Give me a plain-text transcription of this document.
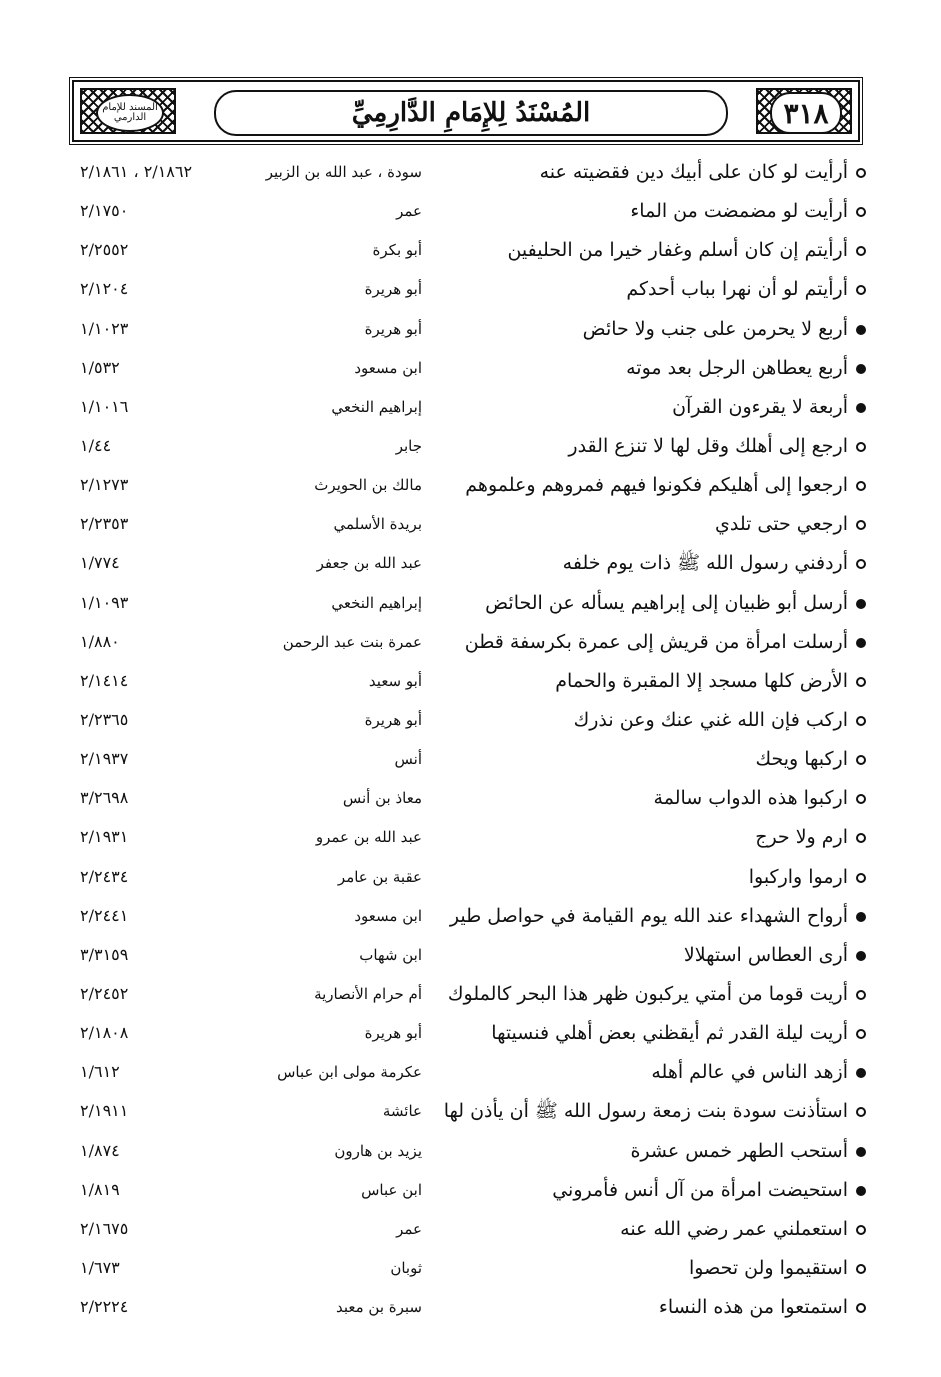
المسند للإمام الدارمي	المُسْنَدُ لِلإِمَامِ الدَّارِمِيِّ	٣١٨
أرأيت لو كان على أبيك دين فقضيته عنه
سودة ، عبد الله بن الزبير
٢/١٨٦٢ ، ٢/١٨٦١
أرأيت لو مضمضت من الماء
عمر
٢/١٧٥٠
أرأيتم إن كان أسلم وغفار خيرا من الحليفين
أبو بكرة
٢/٢٥٥٢
أرأيتم لو أن نهرا بباب أحدكم
أبو هريرة
٢/١٢٠٤
أربع لا يحرمن على جنب ولا حائض
أبو هريرة
١/١٠٢٣
أربع يعطاهن الرجل بعد موته
ابن مسعود
١/٥٣٢
أربعة لا يقرءون القرآن
إبراهيم النخعي
١/١٠١٦
ارجع إلى أهلك وقل لها لا تنزع القدر
جابر
١/٤٤
ارجعوا إلى أهليكم فكونوا فيهم فمروهم وعلموهم
مالك بن الحويرث
٢/١٢٧٣
ارجعي حتى تلدي
بريدة الأسلمي
٢/٢٣٥٣
أردفني رسول الله ﷺ ذات يوم خلفه
عبد الله بن جعفر
١/٧٧٤
أرسل أبو ظبيان إلى إبراهيم يسأله عن الحائض
إبراهيم النخعي
١/١٠٩٣
أرسلت امرأة من قريش إلى عمرة بكرسفة قطن
عمرة بنت عبد الرحمن
١/٨٨٠
الأرض كلها مسجد إلا المقبرة والحمام
أبو سعيد
٢/١٤١٤
اركب فإن الله غني عنك وعن نذرك
أبو هريرة
٢/٢٣٦٥
اركبها ويحك
أنس
٢/١٩٣٧
اركبوا هذه الدواب سالمة
معاذ بن أنس
٣/٢٦٩٨
ارم ولا حرج
عبد الله بن عمرو
٢/١٩٣١
ارموا واركبوا
عقبة بن عامر
٢/٢٤٣٤
أرواح الشهداء عند الله يوم القيامة في حواصل طير
ابن مسعود
٢/٢٤٤١
أرى العطاس استهلالا
ابن شهاب
٣/٣١٥٩
أريت قوما من أمتي يركبون ظهر هذا البحر كالملوك
أم حرام الأنصارية
٢/٢٤٥٢
أريت ليلة القدر ثم أيقظني بعض أهلي فنسيتها
أبو هريرة
٢/١٨٠٨
أزهد الناس في عالم أهله
عكرمة مولى ابن عباس
١/٦١٢
استأذنت سودة بنت زمعة رسول الله ﷺ أن يأذن لها
عائشة
٢/١٩١١
أستحب الطهر خمس عشرة
يزيد بن هارون
١/٨٧٤
استحيضت امرأة من آل أنس فأمروني
ابن عباس
١/٨١٩
استعملني عمر رضي الله عنه
عمر
٢/١٦٧٥
استقيموا ولن تحصوا
ثوبان
١/٦٧٣
استمتعوا من هذه النساء
سبرة بن معبد
٢/٢٢٢٤
